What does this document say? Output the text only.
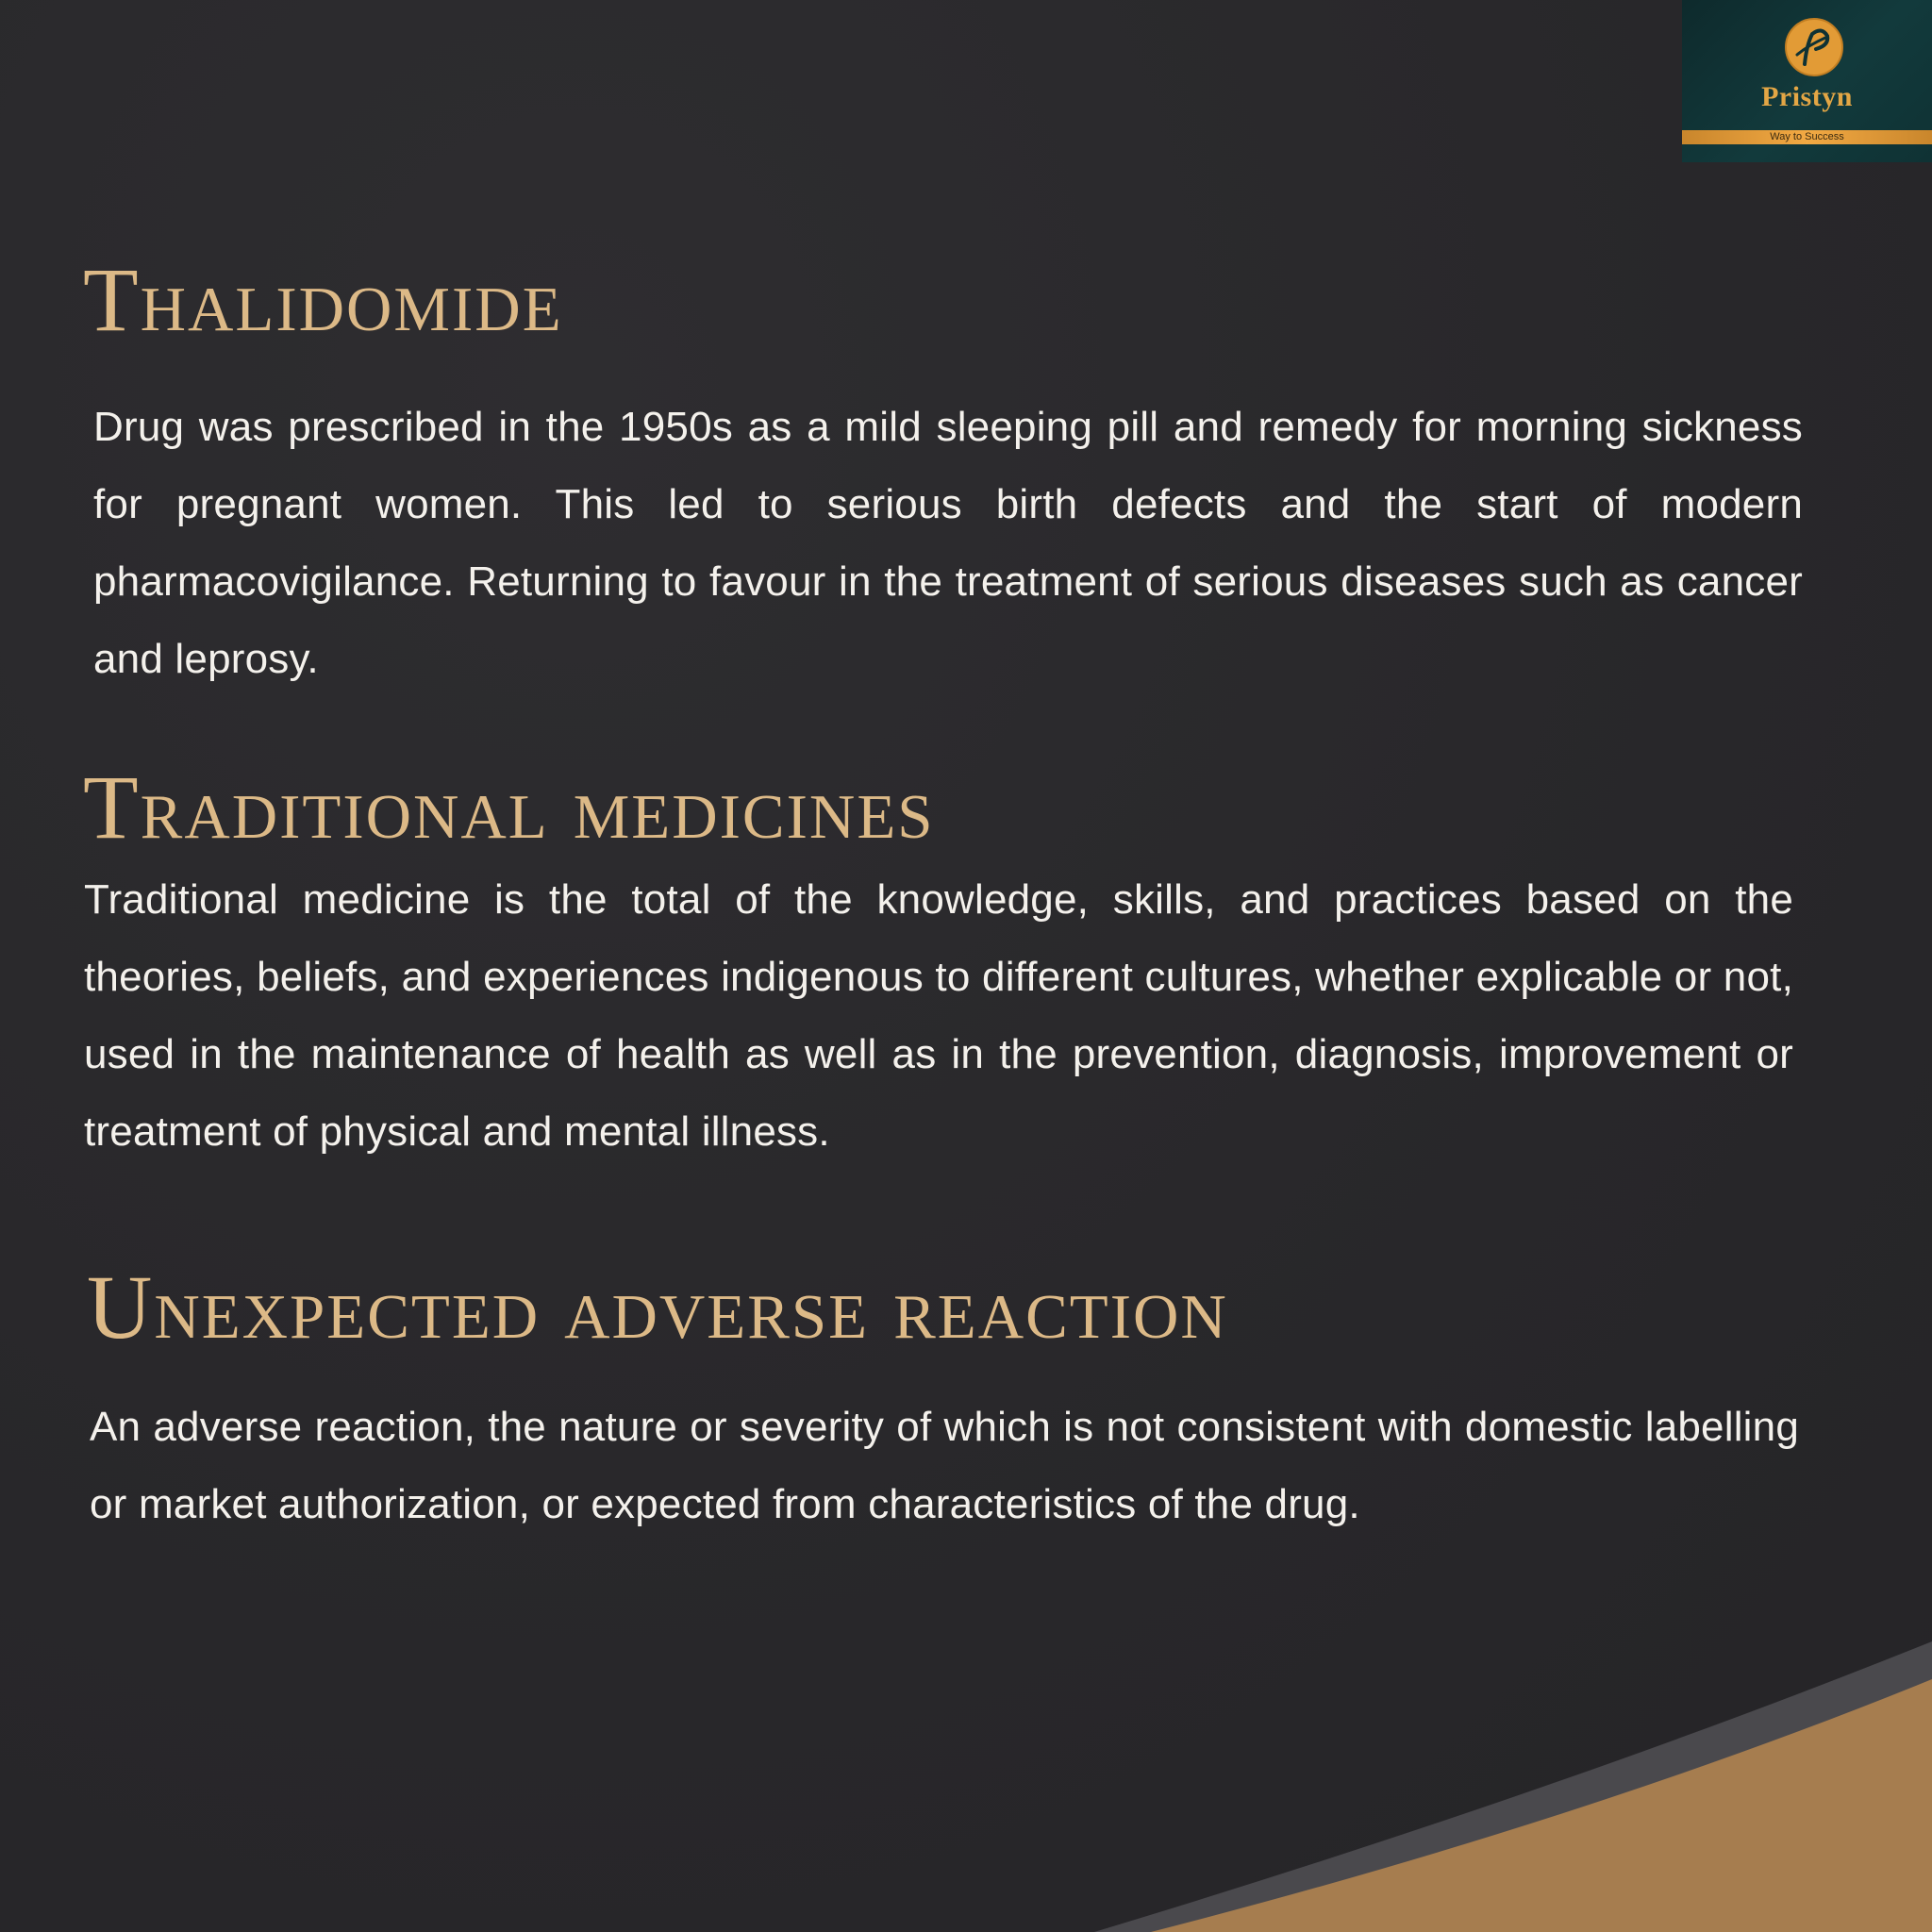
Pristyn
Way to Success
Thalidomide

Drug was prescribed in the 1950s as a mild sleeping pill and remedy for morning sickness for pregnant women. This led to serious birth defects and the start of modern pharmacovigilance. Returning to favour in the treatment of serious diseases such as cancer and leprosy.

Traditional medicines

Traditional medicine is the total of the knowledge, skills, and practices based on the theories, beliefs, and experiences indigenous to different cultures, whether explicable or not, used in the maintenance of health as well as in the prevention, diagnosis, improvement or treatment of physical and mental illness.

Unexpected adverse reaction

An adverse reaction, the nature or severity of which is not consistent with domestic labelling or market authorization, or expected from characteristics of the drug.
